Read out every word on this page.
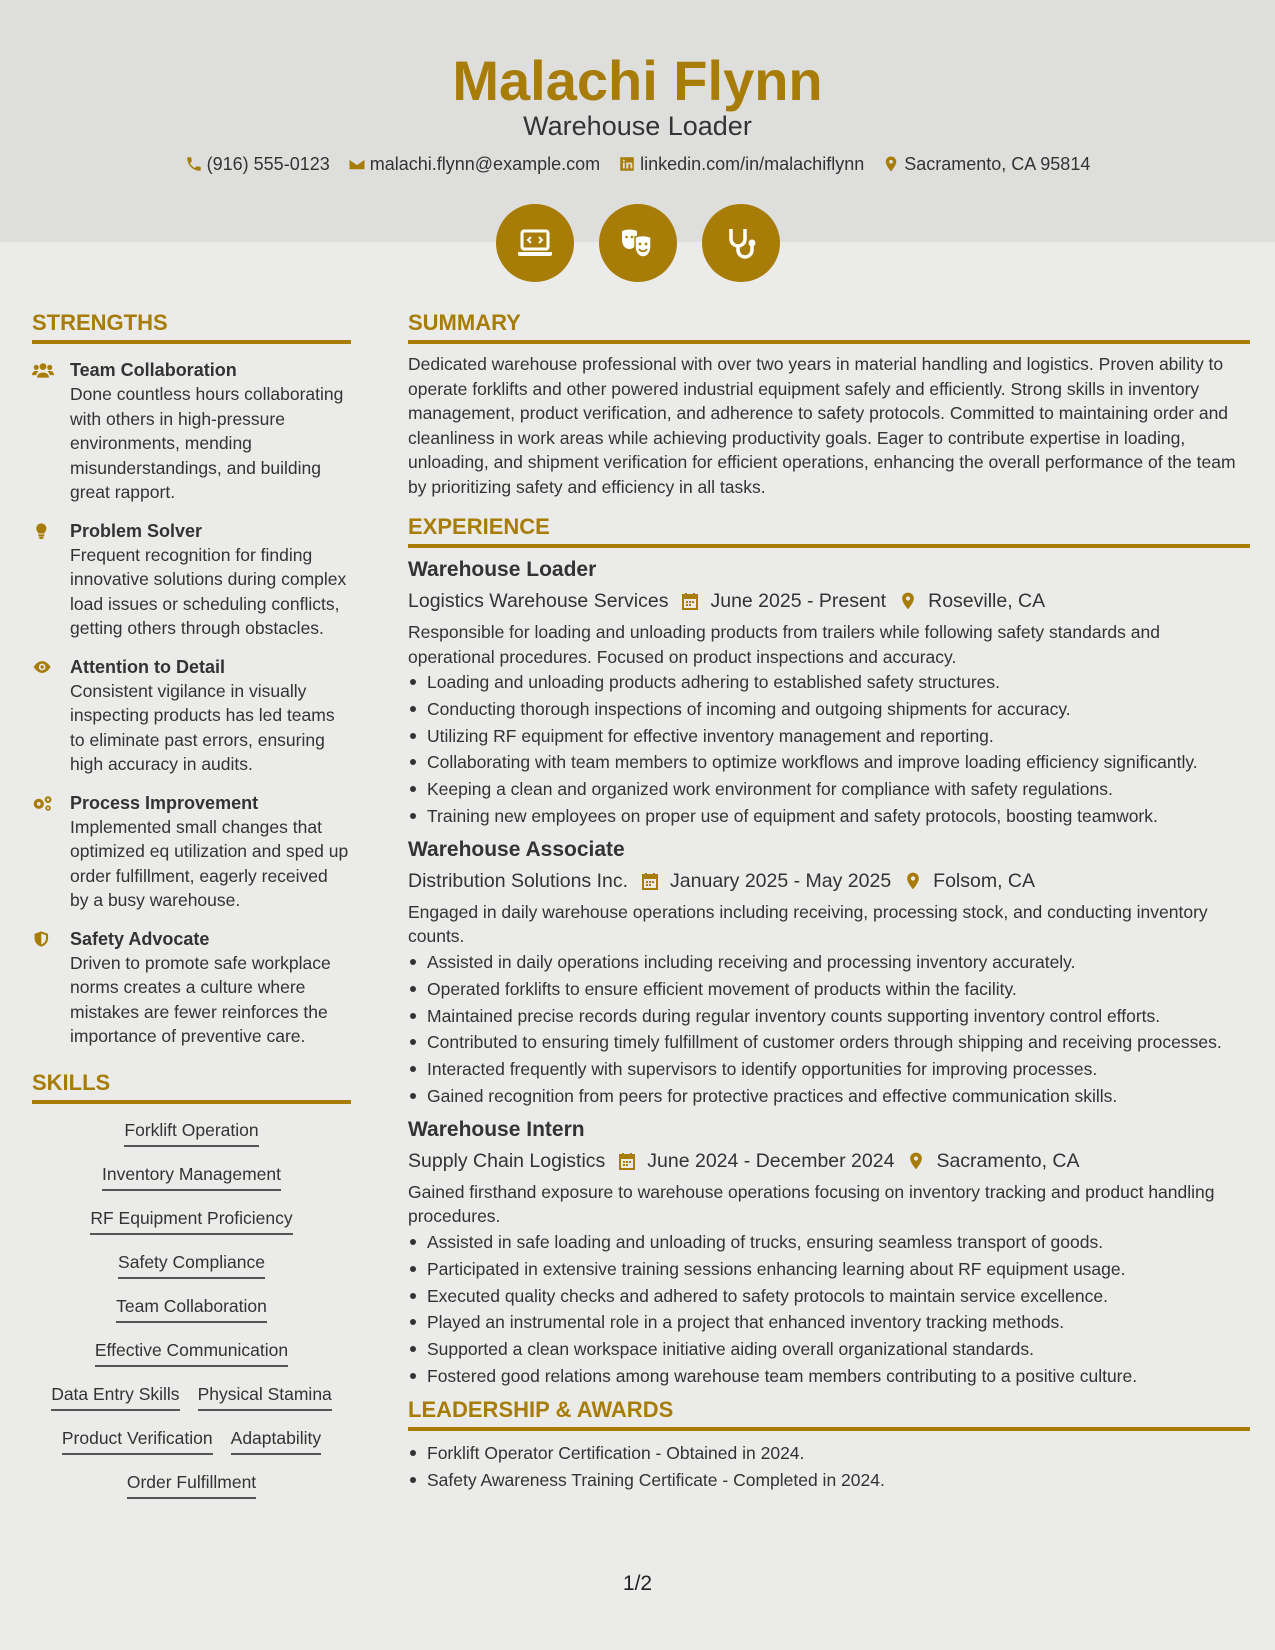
Malachi Flynn
Warehouse Loader
(916) 555-0123 malachi.flynn@example.com linkedin.com/in/malachiflynn Sacramento, CA 95814
STRENGTHS
Team Collaboration
Done countless hours collaborating with others in high-pressure environments, mending misunderstandings, and building great rapport.
Problem Solver
Frequent recognition for finding innovative solutions during complex load issues or scheduling conflicts, getting others through obstacles.
Attention to Detail
Consistent vigilance in visually inspecting products has led teams to eliminate past errors, ensuring high accuracy in audits.
Process Improvement
Implemented small changes that optimized eq utilization and sped up order fulfillment, eagerly received by a busy warehouse.
Safety Advocate
Driven to promote safe workplace norms creates a culture where mistakes are fewer reinforces the importance of preventive care.
SKILLS
Forklift Operation
Inventory Management
RF Equipment Proficiency
Safety Compliance
Team Collaboration
Effective Communication
Data Entry Skills Physical Stamina
Product Verification Adaptability
Order Fulfillment
SUMMARY
Dedicated warehouse professional with over two years in material handling and logistics. Proven ability to operate forklifts and other powered industrial equipment safely and efficiently. Strong skills in inventory management, product verification, and adherence to safety protocols. Committed to maintaining order and cleanliness in work areas while achieving productivity goals. Eager to contribute expertise in loading, unloading, and shipment verification for efficient operations, enhancing the overall performance of the team by prioritizing safety and efficiency in all tasks.
EXPERIENCE
Warehouse Loader
Logistics Warehouse Services June 2025 - Present Roseville, CA
Responsible for loading and unloading products from trailers while following safety standards and operational procedures. Focused on product inspections and accuracy.
Loading and unloading products adhering to established safety structures.
Conducting thorough inspections of incoming and outgoing shipments for accuracy.
Utilizing RF equipment for effective inventory management and reporting.
Collaborating with team members to optimize workflows and improve loading efficiency significantly.
Keeping a clean and organized work environment for compliance with safety regulations.
Training new employees on proper use of equipment and safety protocols, boosting teamwork.
Warehouse Associate
Distribution Solutions Inc. January 2025 - May 2025 Folsom, CA
Engaged in daily warehouse operations including receiving, processing stock, and conducting inventory counts.
Assisted in daily operations including receiving and processing inventory accurately.
Operated forklifts to ensure efficient movement of products within the facility.
Maintained precise records during regular inventory counts supporting inventory control efforts.
Contributed to ensuring timely fulfillment of customer orders through shipping and receiving processes.
Interacted frequently with supervisors to identify opportunities for improving processes.
Gained recognition from peers for protective practices and effective communication skills.
Warehouse Intern
Supply Chain Logistics June 2024 - December 2024 Sacramento, CA
Gained firsthand exposure to warehouse operations focusing on inventory tracking and product handling procedures.
Assisted in safe loading and unloading of trucks, ensuring seamless transport of goods.
Participated in extensive training sessions enhancing learning about RF equipment usage.
Executed quality checks and adhered to safety protocols to maintain service excellence.
Played an instrumental role in a project that enhanced inventory tracking methods.
Supported a clean workspace initiative aiding overall organizational standards.
Fostered good relations among warehouse team members contributing to a positive culture.
LEADERSHIP & AWARDS
Forklift Operator Certification - Obtained in 2024.
Safety Awareness Training Certificate - Completed in 2024.
1/2
